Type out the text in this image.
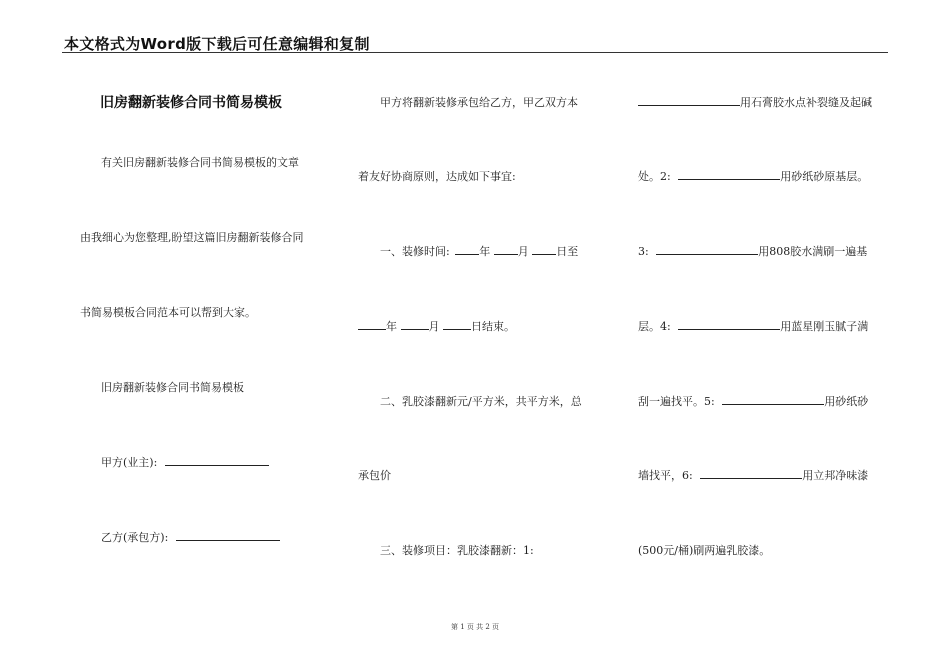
本文格式为Word版下载后可任意编辑和复制
旧房翻新装修合同书简易模板
有关旧房翻新装修合同书简易模板的文章
由我细心为您整理,盼望这篇旧房翻新装修合同
书简易模板合同范本可以帮到大家。
旧房翻新装修合同书简易模板
甲方(业主):
乙方(承包方):
甲方将翻新装修承包给乙方，甲乙双方本
着友好协商原则，达成如下事宜:
一、装修时间:	年	月	日至
年	月	日结束。
二、乳胶漆翻新元/平方米，共平方米，总
承包价
三、装修项目：乳胶漆翻新：1:
用石膏胶水点补裂缝及起碱
处。2:	用砂纸砂原基层。
3:	用808胶水满刷一遍基
层。4:	用蓝星刚玉腻子满
刮一遍找平。5:	用砂纸砂
墙找平，6:	用立邦净味漆
(500元/桶)刷两遍乳胶漆。
第 1 页 共 2 页
